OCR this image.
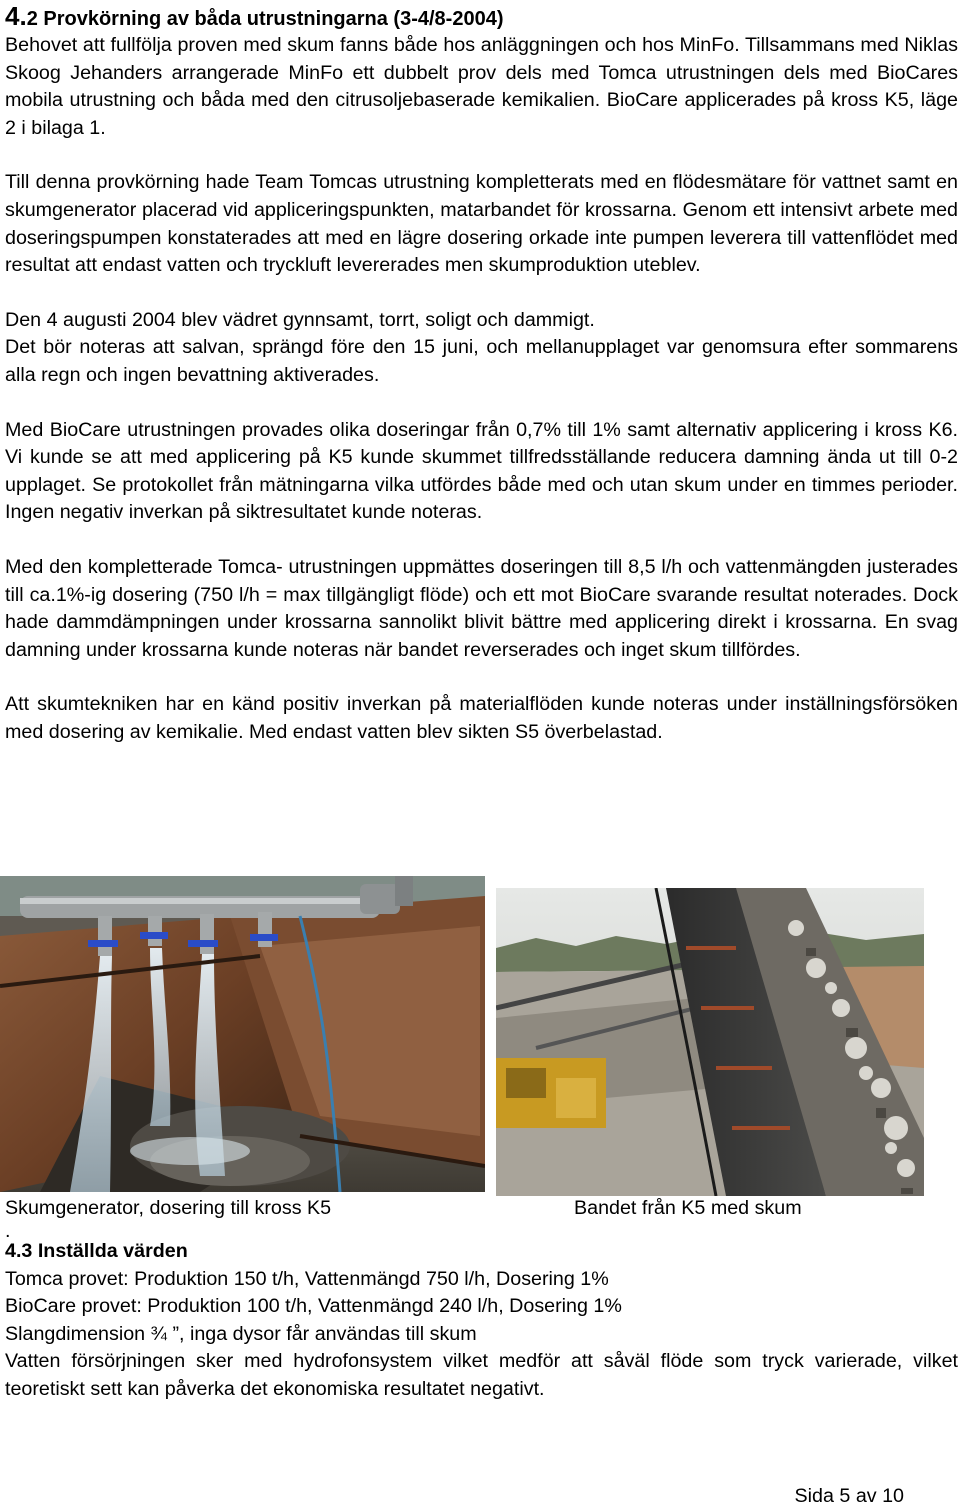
4.2 Provkörning av båda utrustningarna (3-4/8-2004)

Behovet att fullfölja proven med skum fanns både hos anläggningen och hos MinFo. Tillsammans med Niklas Skoog Jehanders arrangerade MinFo ett dubbelt prov dels med Tomca utrustningen dels med BioCares mobila utrustning och båda med den citrusoljebaserade kemikalien. BioCare applicerades på kross K5, läge 2 i bilaga 1.

Till denna provkörning hade Team Tomcas utrustning kompletterats med en flödesmätare för vattnet samt en skumgenerator placerad vid appliceringspunkten, matarbandet för krossarna. Genom ett intensivt arbete med doseringspumpen konstaterades att med en lägre dosering orkade inte pumpen leverera till vattenflödet med resultat att endast vatten och tryckluft levererades men skumproduktion uteblev.

Den 4 augusti 2004 blev vädret gynnsamt, torrt, soligt och dammigt.

Det bör noteras att salvan, sprängd före den 15 juni, och mellanupplaget var genomsura efter sommarens alla regn och ingen bevattning aktiverades.

Med BioCare utrustningen provades olika doseringar från 0,7% till 1% samt alternativ applicering i kross K6. Vi kunde se att med applicering på K5 kunde skummet tillfredsställande reducera damning ända ut till 0-2 upplaget. Se protokollet från mätningarna vilka utfördes både med och utan skum under en timmes perioder. Ingen negativ inverkan på siktresultatet kunde noteras.

Med den kompletterade Tomca- utrustningen uppmättes doseringen till 8,5 l/h och vattenmängden justerades till ca.1%-ig dosering (750 l/h = max tillgängligt flöde) och ett mot BioCare svarande resultat noterades. Dock hade dammdämpningen under krossarna sannolikt blivit bättre med applicering direkt i krossarna. En svag damning under krossarna kunde noteras när bandet reverserades och inget skum tillfördes.

Att skumtekniken har en känd positiv inverkan på materialflöden kunde noteras under inställningsförsöken med dosering av kemikalie. Med endast vatten blev sikten S5 överbelastad.

Skumgenerator, dosering till kross K5	Bandet från K5 med skum
.
4.3 Inställda värden

Tomca provet: Produktion 150 t/h, Vattenmängd 750 l/h, Dosering 1%

BioCare provet: Produktion 100 t/h, Vattenmängd 240 l/h, Dosering 1%

Slangdimension ¾ ”, inga dysor får användas till skum

Vatten försörjningen sker med hydrofonsystem vilket medför att såväl flöde som tryck varierade, vilket teoretiskt sett kan påverka det ekonomiska resultatet negativt.

Sida 5 av 10
